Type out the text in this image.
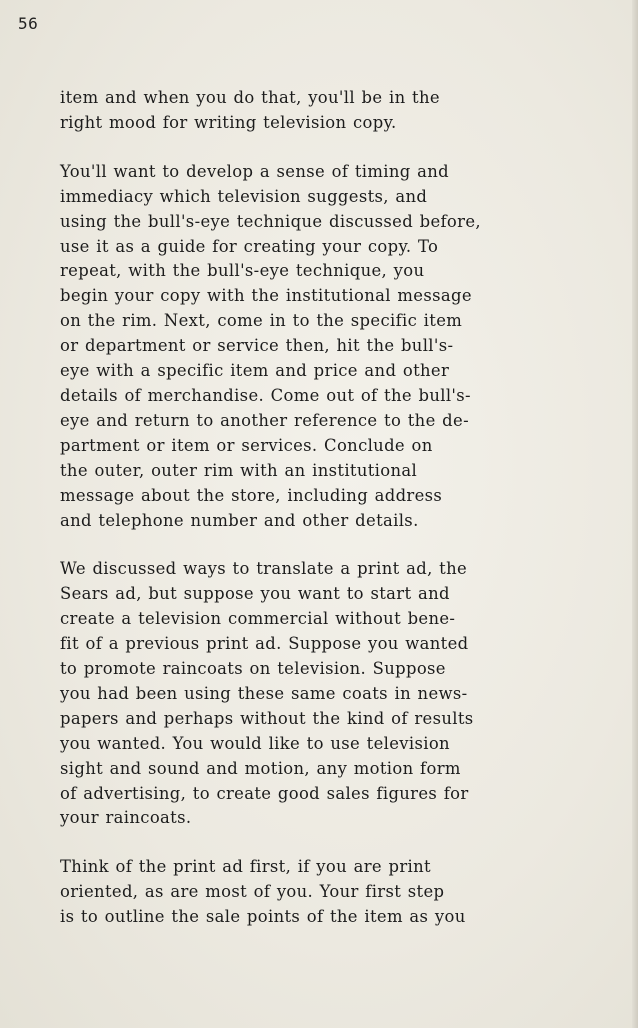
56
item and when you do that, you'll be in the
right mood for writing television copy.
You'll want to develop a sense of timing and
immediacy which television suggests, and
using the bull's-eye technique discussed before,
use it as a guide for creating your copy. To
repeat, with the bull's-eye technique, you
begin your copy with the institutional message
on the rim. Next, come in to the specific item
or department or service then, hit the bull's-
eye with a specific item and price and other
details of merchandise. Come out of the bull's-
eye and return to another reference to the de-
partment or item or services. Conclude on
the outer, outer rim with an institutional
message about the store, including address
and telephone number and other details.
We discussed ways to translate a print ad, the
Sears ad, but suppose you want to start and
create a television commercial without bene-
fit of a previous print ad. Suppose you wanted
to promote raincoats on television. Suppose
you had been using these same coats in news-
papers and perhaps without the kind of results
you wanted. You would like to use television
sight and sound and motion, any motion form
of advertising, to create good sales figures for
your raincoats.
Think of the print ad first, if you are print
oriented, as are most of you. Your first step
is to outline the sale points of the item as you
